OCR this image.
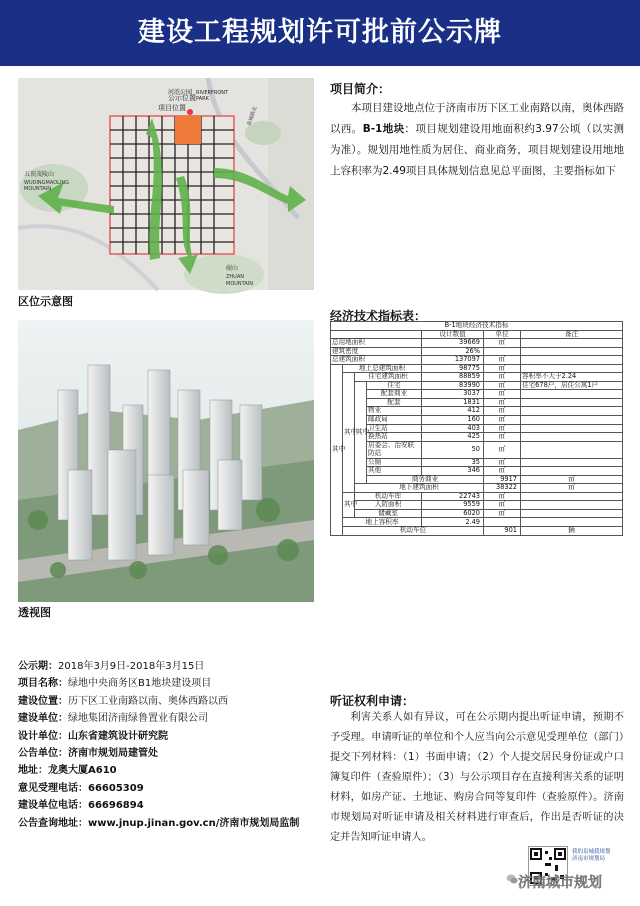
建设工程规划许可批前公示牌
河滨公园 RIVERFRONT
PARK
公示位置
项目位置	泉城路北
五顶茂陵山
WUDINGMAOLING
MOUNTAIN
砚山
ZHUAN
MOUNTAIN
区位示意图
项目简介：
本项目建设地点位于济南市历下区工业南路以南，奥体西路以西。B-1地块：项目规划建设用地面积约3.97公顷（以实测为准）。规划用地性质为居住、商业商务，项目规划建设用地地上容积率为2.49项目具体规划信息见总平面图，主要指标如下
经济技术指标表：
B-1地块经济技术指标							
				设计数值	单位	备注	
总用地面积				39669	㎡		
建筑密度				26%			
总建筑面积				137097	㎡		
其中	地上总建筑面积			98775	㎡		
	其中	住宅建筑面积		88859	㎡	容积率不大于2.24	
		其中	住宅	83990	㎡	住宅678户，居住公寓1户	
			配套商业	3037	㎡		
			配套	1831	㎡		
			物业	412	㎡		
			邮政局	160	㎡		
			卫生站	403	㎡		
			换热站	425	㎡		
			居委会、治安联防站	50	㎡		
			公厕	35	㎡		
			其他	346	㎡		
			商务商业		9917	㎡	
		地下建筑面积			38322	㎡	
	其中	机动车库		22743	㎡		
		人防面积		9559	㎡		
		储藏室		6020	㎡		
	地上容积率			2.49			
	机动车位				901	辆	
透视图
公示期： 2018年3月9日-2018年3月15日
项目名称： 绿地中央商务区B1地块建设项目
建设位置： 历下区工业南路以南、奥体西路以西
建设单位： 绿地集团济南绿鲁置业有限公司
设计单位： 山东省建筑设计研究院
公告单位： 济南市规划局建管处
地址： 龙奥大厦A610
意见受理电话： 66605309
建设单位电话： 66696894
公告查询地址： www.jnup.jinan.gov.cn/济南市规划局监制
听证权利申请：
利害关系人如有异议，可在公示期内提出听证申请，预期不予受理。申请听证的单位和个人应当向公示意见受理单位（部门）提交下列材料：（1）书面申请；（2）个人提交居民身份证或户口簿复印件（查验原件）；（3）与公示项目存在直接利害关系的证明材料，如房产证、土地证、购房合同等复印件（查验原件）。济南市规划局对听证申请及相关材料进行审查后，作出是否听证的决定并告知听证申请人。
我的泉城我规划
济南市规划局
济南城市规划
